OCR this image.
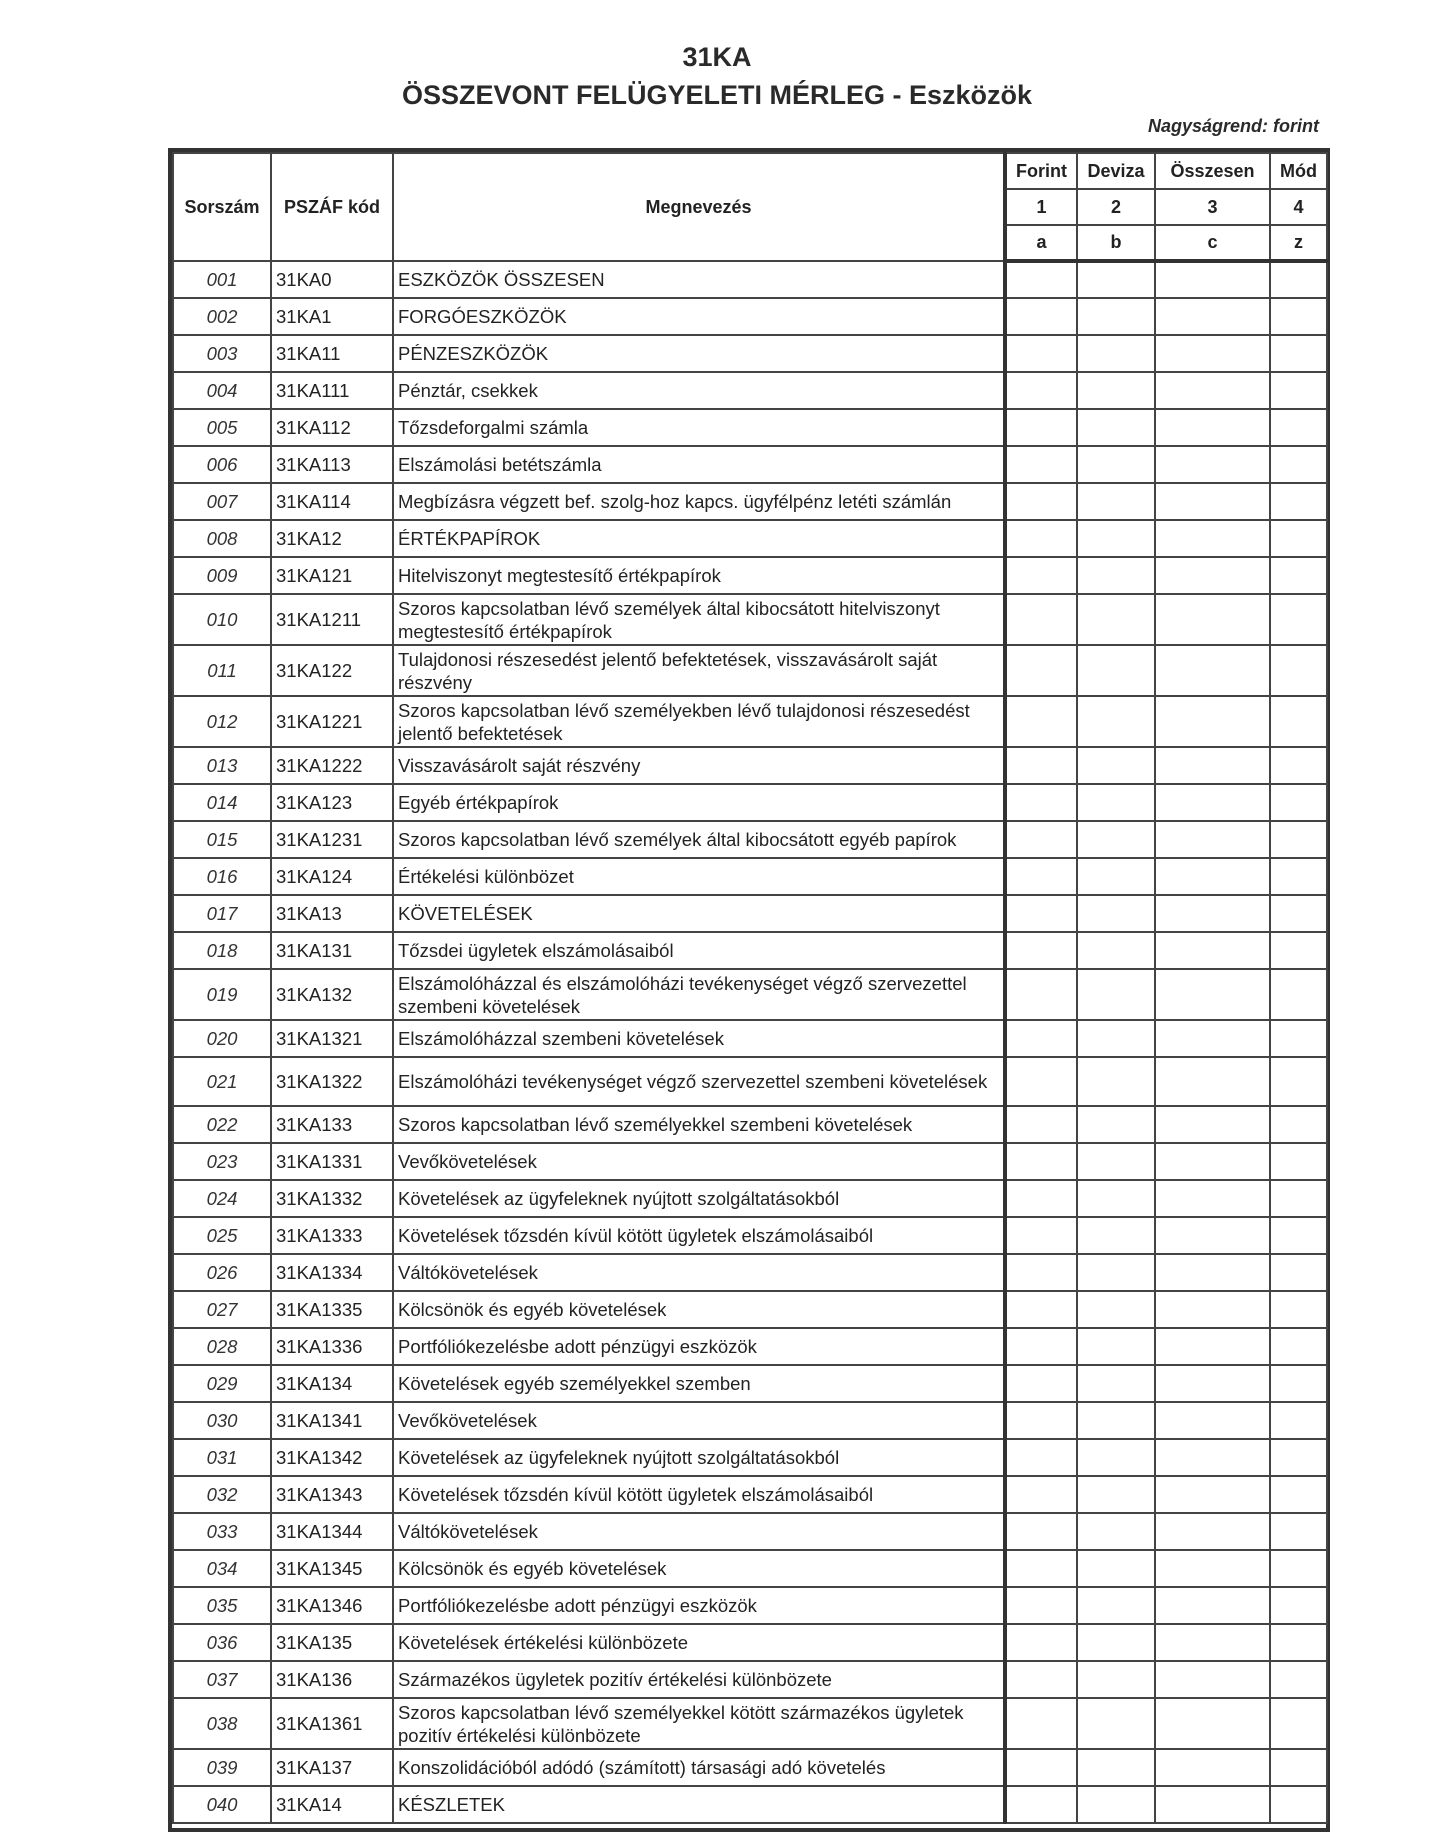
31KA
ÖSSZEVONT FELÜGYELETI MÉRLEG - Eszközök
Nagyságrend: forint
Sorszám	PSZÁF kód	Megnevezés	Forint	Deviza	Összesen	Mód
			1	2	3	4
			a	b	c	z
001	31KA0	ESZKÖZÖK ÖSSZESEN				
002	31KA1	FORGÓESZKÖZÖK				
003	31KA11	PÉNZESZKÖZÖK				
004	31KA111	Pénztár, csekkek				
005	31KA112	Tőzsdeforgalmi számla				
006	31KA113	Elszámolási betétszámla				
007	31KA114	Megbízásra végzett bef. szolg-hoz kapcs. ügyfélpénz letéti számlán				
008	31KA12	ÉRTÉKPAPÍROK				
009	31KA121	Hitelviszonyt megtestesítő értékpapírok				
010	31KA1211	Szoros kapcsolatban lévő személyek által kibocsátott hitelviszonyt megtestesítő értékpapírok				
011	31KA122	Tulajdonosi részesedést jelentő befektetések, visszavásárolt saját részvény				
012	31KA1221	Szoros kapcsolatban lévő személyekben lévő tulajdonosi részesedést jelentő befektetések				
013	31KA1222	Visszavásárolt saját részvény				
014	31KA123	Egyéb értékpapírok				
015	31KA1231	Szoros kapcsolatban lévő személyek által kibocsátott egyéb papírok				
016	31KA124	Értékelési különbözet				
017	31KA13	KÖVETELÉSEK				
018	31KA131	Tőzsdei ügyletek elszámolásaiból				
019	31KA132	Elszámolóházzal és elszámolóházi tevékenységet végző szervezettel szembeni követelések				
020	31KA1321	Elszámolóházzal szembeni követelések				
021	31KA1322	Elszámolóházi tevékenységet végző szervezettel szembeni követelések				
022	31KA133	Szoros kapcsolatban lévő személyekkel szembeni követelések				
023	31KA1331	Vevőkövetelések				
024	31KA1332	Követelések az ügyfeleknek nyújtott szolgáltatásokból				
025	31KA1333	Követelések tőzsdén kívül kötött ügyletek elszámolásaiból				
026	31KA1334	Váltókövetelések				
027	31KA1335	Kölcsönök és egyéb követelések				
028	31KA1336	Portfóliókezelésbe adott pénzügyi eszközök				
029	31KA134	Követelések egyéb személyekkel szemben				
030	31KA1341	Vevőkövetelések				
031	31KA1342	Követelések az ügyfeleknek nyújtott szolgáltatásokból				
032	31KA1343	Követelések tőzsdén kívül kötött ügyletek elszámolásaiból				
033	31KA1344	Váltókövetelések				
034	31KA1345	Kölcsönök és egyéb követelések				
035	31KA1346	Portfóliókezelésbe adott pénzügyi eszközök				
036	31KA135	Követelések értékelési különbözete				
037	31KA136	Származékos ügyletek pozitív értékelési különbözete				
038	31KA1361	Szoros kapcsolatban lévő személyekkel kötött származékos ügyletek pozitív értékelési különbözete				
039	31KA137	Konszolidációból adódó (számított) társasági adó követelés				
040	31KA14	KÉSZLETEK				
